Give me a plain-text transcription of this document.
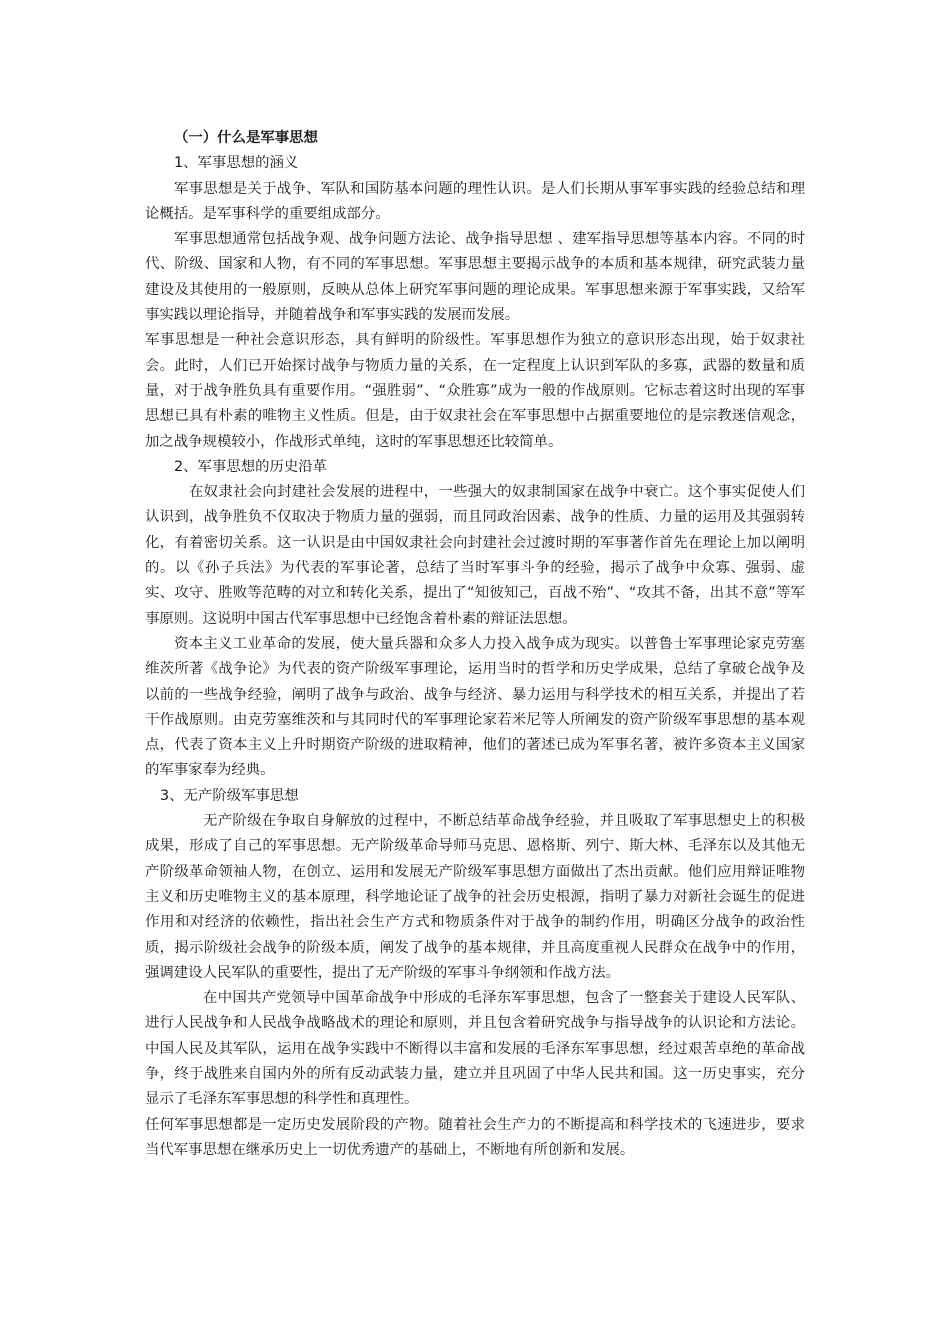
（一）什么是军事思想

1、军事思想的涵义

军事思想是关于战争、军队和国防基本问题的理性认识。是人们长期从事军事实践的经验总结和理论概括。是军事科学的重要组成部分。

军事思想通常包括战争观、战争问题方法论、战争指导思想 、建军指导思想等基本内容。不同的时代、阶级、国家和人物，有不同的军事思想。军事思想主要揭示战争的本质和基本规律，研究武装力量建设及其使用的一般原则，反映从总体上研究军事问题的理论成果。军事思想来源于军事实践，又给军事实践以理论指导，并随着战争和军事实践的发展而发展。

军事思想是一种社会意识形态，具有鲜明的阶级性。军事思想作为独立的意识形态出现，始于奴隶社会。此时，人们已开始探讨战争与物质力量的关系，在一定程度上认识到军队的多寡，武器的数量和质量，对于战争胜负具有重要作用。“强胜弱”、“众胜寡”成为一般的作战原则。它标志着这时出现的军事思想已具有朴素的唯物主义性质。但是，由于奴隶社会在军事思想中占据重要地位的是宗教迷信观念，加之战争规模较小，作战形式单纯，这时的军事思想还比较简单。

2、军事思想的历史沿革

在奴隶社会向封建社会发展的进程中，一些强大的奴隶制国家在战争中衰亡。这个事实促使人们认识到，战争胜负不仅取决于物质力量的强弱，而且同政治因素、战争的性质、力量的运用及其强弱转化，有着密切关系。这一认识是由中国奴隶社会向封建社会过渡时期的军事著作首先在理论上加以阐明的。以《孙子兵法》为代表的军事论著，总结了当时军事斗争的经验，揭示了战争中众寡、强弱、虚实、攻守、胜败等范畴的对立和转化关系，提出了“知彼知己，百战不殆”、“攻其不备，出其不意”等军事原则。这说明中国古代军事思想中已经饱含着朴素的辩证法思想。

资本主义工业革命的发展，使大量兵器和众多人力投入战争成为现实。以普鲁士军事理论家克劳塞维茨所著《战争论》为代表的资产阶级军事理论，运用当时的哲学和历史学成果，总结了拿破仑战争及以前的一些战争经验，阐明了战争与政治、战争与经济、暴力运用与科学技术的相互关系，并提出了若干作战原则。由克劳塞维茨和与其同时代的军事理论家若米尼等人所阐发的资产阶级军事思想的基本观点，代表了资本主义上升时期资产阶级的进取精神，他们的著述已成为军事名著，被许多资本主义国家的军事家奉为经典。

3、无产阶级军事思想

无产阶级在争取自身解放的过程中，不断总结革命战争经验，并且吸取了军事思想史上的积极成果，形成了自己的军事思想。无产阶级革命导师马克思、恩格斯、列宁、斯大林、毛泽东以及其他无产阶级革命领袖人物，在创立、运用和发展无产阶级军事思想方面做出了杰出贡献。他们应用辩证唯物主义和历史唯物主义的基本原理，科学地论证了战争的社会历史根源，指明了暴力对新社会诞生的促进作用和对经济的依赖性，指出社会生产方式和物质条件对于战争的制约作用，明确区分战争的政治性质，揭示阶级社会战争的阶级本质，阐发了战争的基本规律，并且高度重视人民群众在战争中的作用，强调建设人民军队的重要性，提出了无产阶级的军事斗争纲领和作战方法。

在中国共产党领导中国革命战争中形成的毛泽东军事思想，包含了一整套关于建设人民军队、进行人民战争和人民战争战略战术的理论和原则，并且包含着研究战争与指导战争的认识论和方法论。中国人民及其军队，运用在战争实践中不断得以丰富和发展的毛泽东军事思想，经过艰苦卓绝的革命战争，终于战胜来自国内外的所有反动武装力量，建立并且巩固了中华人民共和国。这一历史事实，充分显示了毛泽东军事思想的科学性和真理性。

任何军事思想都是一定历史发展阶段的产物。随着社会生产力的不断提高和科学技术的飞速进步，要求当代军事思想在继承历史上一切优秀遗产的基础上，不断地有所创新和发展。
